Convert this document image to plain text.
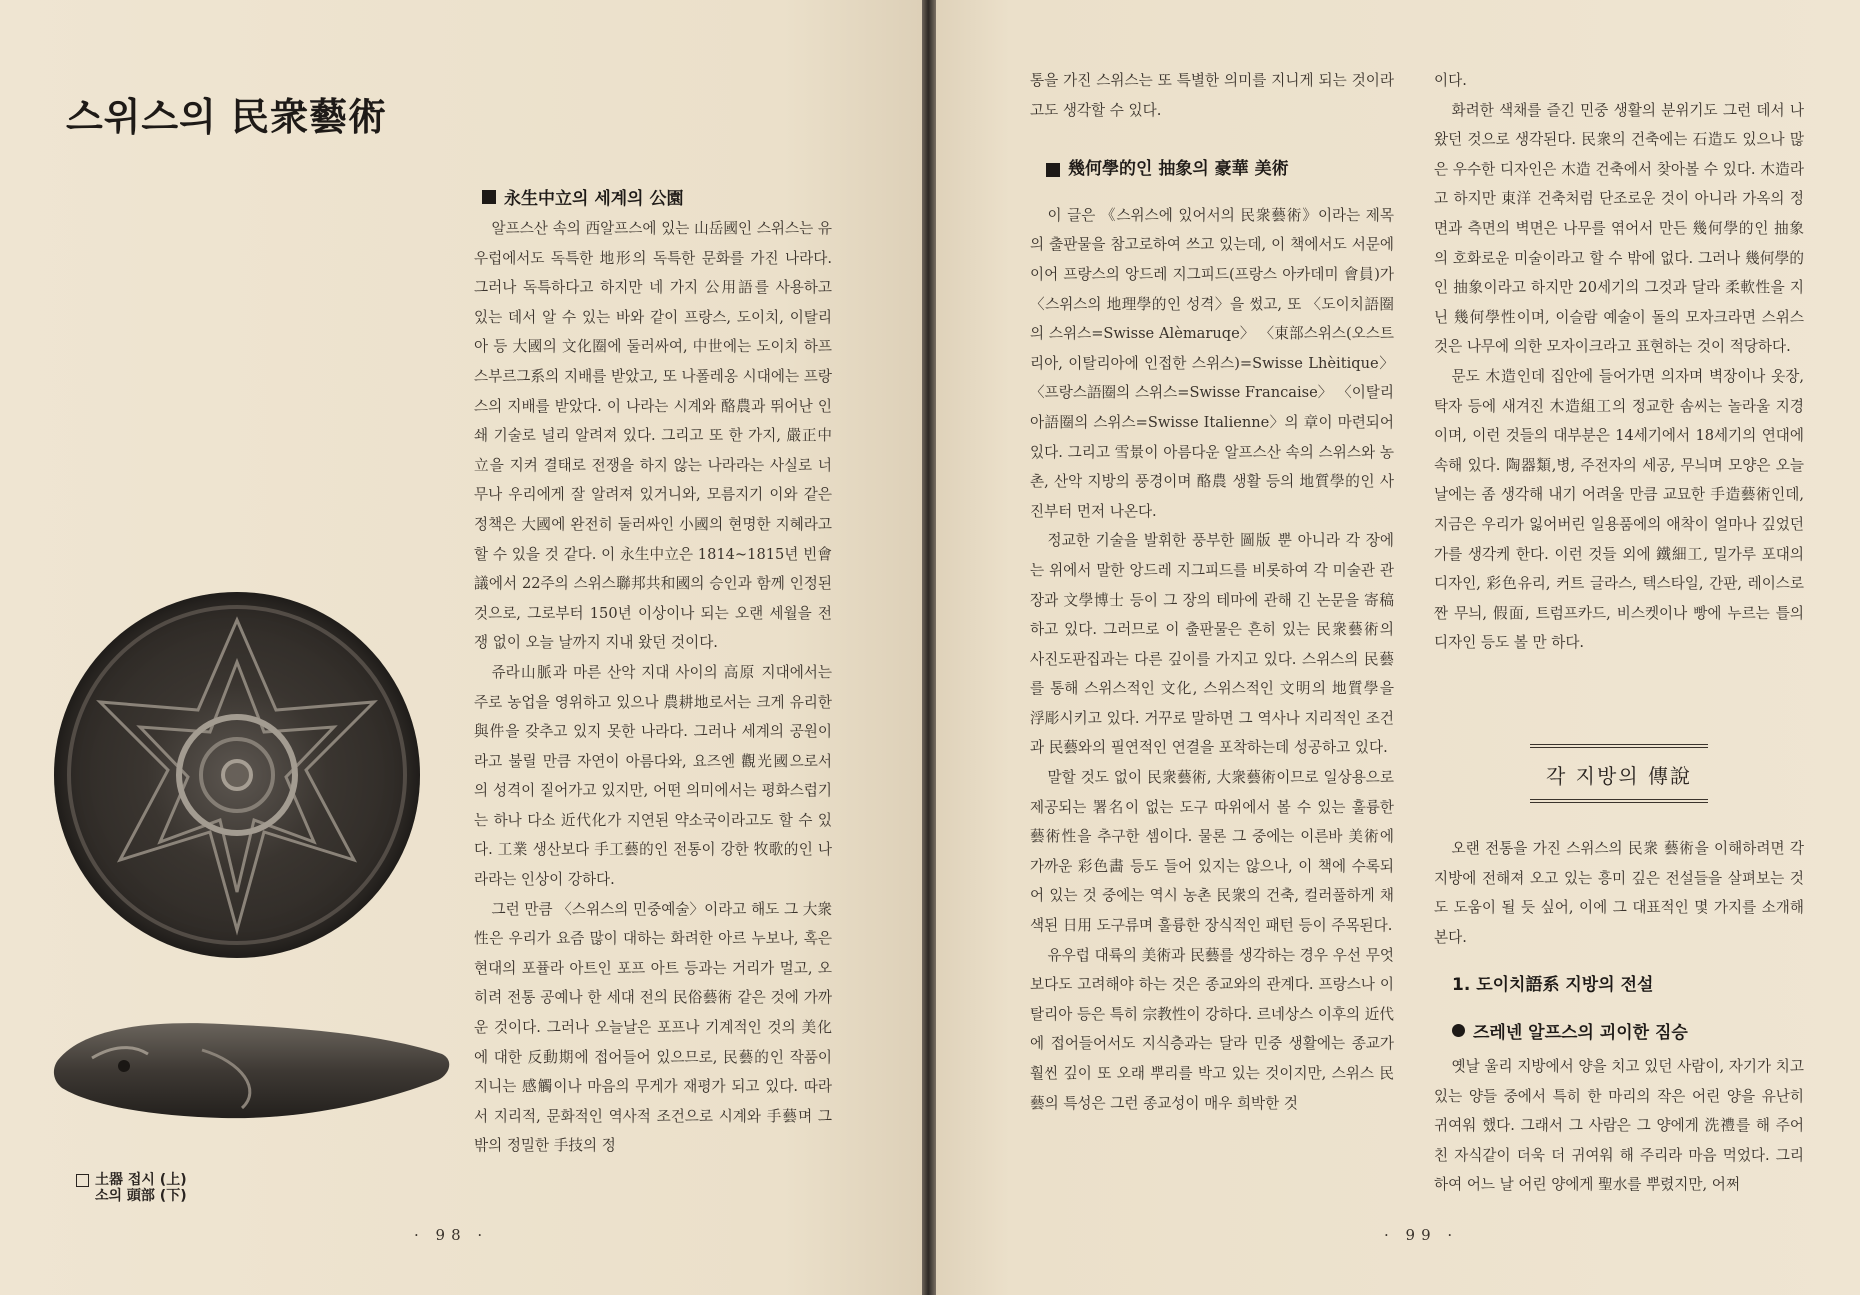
스위스의 民衆藝術
永生中立의 세계의 公園

알프스산 속의 西알프스에 있는 山岳國인 스위스는 유우럽에서도 독특한 地形의 독특한 문화를 가진 나라다. 그러나 독특하다고 하지만 네 가지 公用語를 사용하고 있는 데서 알 수 있는 바와 같이 프랑스, 도이치, 이탈리아 등 大國의 文化圈에 둘러싸여, 中世에는 도이치 하프스부르그系의 지배를 받았고, 또 나폴레옹 시대에는 프랑스의 지배를 받았다. 이 나라는 시계와 酪農과 뛰어난 인쇄 기술로 널리 알려져 있다. 그리고 또 한 가지, 嚴正中立을 지켜 결태로 전쟁을 하지 않는 나라라는 사실로 너무나 우리에게 잘 알려져 있거니와, 모름지기 이와 같은 정책은 大國에 완전히 둘러싸인 小國의 현명한 지혜라고 할 수 있을 것 같다. 이 永生中立은 1814~1815년 빈會議에서 22주의 스위스聯邦共和國의 승인과 함께 인정된 것으로, 그로부터 150년 이상이나 되는 오랜 세월을 전쟁 없이 오늘 날까지 지내 왔던 것이다.

쥬라山脈과 마른 산악 지대 사이의 高原 지대에서는 주로 농업을 영위하고 있으나 農耕地로서는 크게 유리한 與件을 갖추고 있지 못한 나라다. 그러나 세계의 공원이라고 불릴 만큼 자연이 아름다와, 요즈엔 觀光國으로서의 성격이 짙어가고 있지만, 어떤 의미에서는 평화스럽기는 하나 다소 近代化가 지연된 약소국이라고도 할 수 있다. 工業 생산보다 手工藝的인 전통이 강한 牧歌的인 나라라는 인상이 강하다.

그런 만큼 〈스위스의 민중예술〉이라고 해도 그 大衆性은 우리가 요즘 많이 대하는 화려한 아르 누보나, 혹은 현대의 포퓰라 아트인 포프 아트 등과는 거리가 멀고, 오히려 전통 공예나 한 세대 전의 民俗藝術 같은 것에 가까운 것이다. 그러나 오늘날은 포프나 기계적인 것의 美化에 대한 反動期에 접어들어 있으므로, 民藝的인 작품이 지니는 感觸이나 마음의 무게가 재평가 되고 있다. 따라서 지리적, 문화적인 역사적 조건으로 시계와 手藝며 그 밖의 정밀한 手技의 정

土器 접시 (上)
소의 頭部 (下)
· 98 ·

통을 가진 스위스는 또 특별한 의미를 지니게 되는 것이라고도 생각할 수 있다.

幾何學的인 抽象의 豪華 美術

이 글은 《스위스에 있어서의 民衆藝術》이라는 제목의 출판물을 참고로하여 쓰고 있는데, 이 책에서도 서문에 이어 프랑스의 앙드레 지그피드(프랑스 아카데미 會員)가 〈스위스의 地理學的인 성격〉을 썼고, 또 〈도이치語圈의 스위스=Swisse Alèmaruqe〉 〈東部스위스(오스트리아, 이탈리아에 인접한 스위스)=Swisse Lhèitique〉 〈프랑스語圈의 스위스=Swisse Francaise〉 〈이탈리아語圈의 스위스=Swisse Italienne〉의 章이 마련되어 있다. 그리고 雪景이 아름다운 알프스산 속의 스위스와 농촌, 산악 지방의 풍경이며 酪農 생활 등의 地質學的인 사진부터 먼저 나온다.

정교한 기술을 발휘한 풍부한 圖版 뿐 아니라 각 장에는 위에서 말한 앙드레 지그피드를 비롯하여 각 미술관 관장과 文學博士 등이 그 장의 테마에 관해 긴 논문을 寄稿하고 있다. 그러므로 이 출판물은 흔히 있는 民衆藝術의 사진도판집과는 다른 깊이를 가지고 있다. 스위스의 民藝를 통해 스위스적인 文化, 스위스적인 文明의 地質學을 浮彫시키고 있다. 거꾸로 말하면 그 역사나 지리적인 조건과 民藝와의 필연적인 연결을 포착하는데 성공하고 있다.

말할 것도 없이 民衆藝術, 大衆藝術이므로 일상용으로 제공되는 署名이 없는 도구 따위에서 볼 수 있는 훌륭한 藝術性을 추구한 셈이다. 물론 그 중에는 이른바 美術에 가까운 彩色畵 등도 들어 있지는 않으나, 이 책에 수록되어 있는 것 중에는 역시 농촌 民衆의 건축, 컬러풀하게 채색된 日用 도구류며 훌륭한 장식적인 패턴 등이 주목된다.

유우럽 대륙의 美術과 民藝를 생각하는 경우 우선 무엇보다도 고려해야 하는 것은 종교와의 관계다. 프랑스나 이탈리아 등은 특히 宗教性이 강하다. 르네상스 이후의 近代에 접어들어서도 지식층과는 달라 민중 생활에는 종교가 훨씬 깊이 또 오래 뿌리를 박고 있는 것이지만, 스위스 民藝의 특성은 그런 종교성이 매우 희박한 것

이다.

화려한 색채를 즐긴 민중 생활의 분위기도 그런 데서 나왔던 것으로 생각된다. 民衆의 건축에는 石造도 있으나 많은 우수한 디자인은 木造 건축에서 찾아볼 수 있다. 木造라고 하지만 東洋 건축처럼 단조로운 것이 아니라 가옥의 정면과 측면의 벽면은 나무를 엮어서 만든 幾何學的인 抽象의 호화로운 미술이라고 할 수 밖에 없다. 그러나 幾何學的인 抽象이라고 하지만 20세기의 그것과 달라 柔軟性을 지닌 幾何學性이며, 이슬람 예술이 돌의 모자크라면 스위스 것은 나무에 의한 모자이크라고 표현하는 것이 적당하다.

문도 木造인데 집안에 들어가면 의자며 벽장이나 옷장, 탁자 등에 새겨진 木造組工의 정교한 솜씨는 놀라울 지경이며, 이런 것들의 대부분은 14세기에서 18세기의 연대에 속해 있다. 陶器類,병, 주전자의 세공, 무늬며 모양은 오늘날에는 좀 생각해 내기 어려울 만큼 교묘한 手造藝術인데, 지금은 우리가 잃어버린 일용품에의 애착이 얼마나 깊었던가를 생각케 한다. 이런 것들 외에 鐵細工, 밀가루 포대의 디자인, 彩色유리, 커트 글라스, 텍스타일, 간판, 레이스로 짠 무늬, 假面, 트럼프카드, 비스켓이나 빵에 누르는 틀의 디자인 등도 볼 만 하다.

오랜 전통을 가진 스위스의 民衆 藝術을 이해하려면 각 지방에 전해져 오고 있는 흥미 깊은 전설들을 살펴보는 것도 도움이 될 듯 싶어, 이에 그 대표적인 몇 가지를 소개해 본다.

1. 도이치語系 지방의 전설
즈레넨 알프스의 괴이한 짐승

옛날 울리 지방에서 양을 치고 있던 사람이, 자기가 치고 있는 양들 중에서 특히 한 마리의 작은 어린 양을 유난히 귀여워 했다. 그래서 그 사람은 그 양에게 洗禮를 해 주어 친 자식같이 더욱 더 귀여워 해 주리라 마음 먹었다. 그리하여 어느 날 어린 양에게 聖水를 뿌렸지만, 어쩌

· 99 ·
각 지방의 傳說
